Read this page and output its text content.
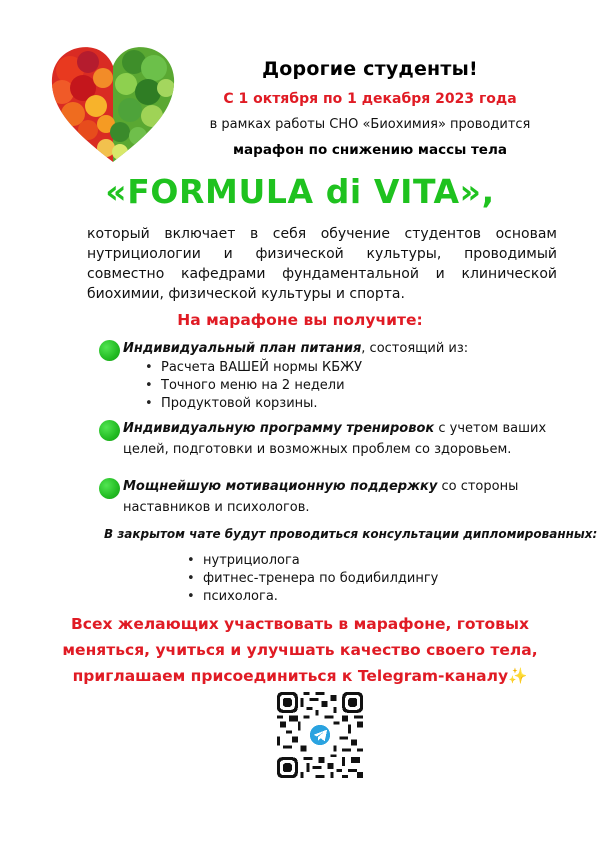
Дорогие студенты!
С 1 октября по 1 декабря 2023 года
в рамках работы СНО «Биохимия» проводится
марафон по снижению массы тела
«FORMULA di VITA»,
который включает в себя обучение студентов основам нутрициологии и физической культуры, проводимый совместно кафедрами фундаментальной и клинической биохимии, физической культуры и спорта.
На марафоне вы получите:
Индивидуальный план питания, состоящий из:
• Расчета ВАШЕЙ нормы КБЖУ
• Точного меню на 2 недели
• Продуктовой корзины.
Индивидуальную программу тренировок с учетом ваших целей, подготовки и возможных проблем со здоровьем.
Мощнейшую мотивационную поддержку со стороны наставников и психологов.
В закрытом чате будут проводиться консультации дипломированных:
• нутрициолога
• фитнес-тренера по бодибилдингу
• психолога.
Всех желающих участвовать в марафоне, готовых
меняться, учиться и улучшать качество своего тела,
приглашаем присоединиться к Telegram-каналу✨
